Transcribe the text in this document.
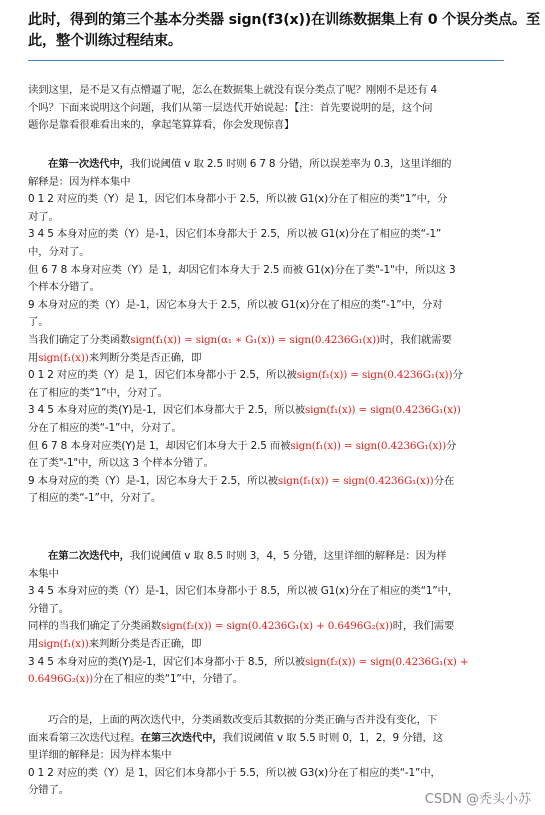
此时，得到的第三个基本分类器 sign(f3(x))在训练数据集上有 0 个误分类点。至
此，整个训练过程结束。
读到这里，是不是又有点懵逼了呢，怎么在数据集上就没有误分类点了呢？刚刚不是还有 4
个吗？下面来说明这个问题，我们从第一层迭代开始说起：【注：首先要说明的是，这个问
题你是靠看很难看出来的，拿起笔算算看，你会发现惊喜】
在第一次迭代中，我们说阈值 v 取 2.5 时则 6 7 8 分错，所以误差率为 0.3，这里详细的
解释是：因为样本集中
0 1 2 对应的类（Y）是 1，因它们本身都小于 2.5，所以被 G1(x)分在了相应的类“1”中，分
对了。
3 4 5 本身对应的类（Y）是-1，因它们本身都大于 2.5，所以被 G1(x)分在了相应的类“-1”
中，分对了。
但 6 7 8 本身对应类（Y）是 1，却因它们本身大于 2.5 而被 G1(x)分在了类"-1"中，所以这 3
个样本分错了。
9 本身对应的类（Y）是-1，因它本身大于 2.5，所以被 G1(x)分在了相应的类“-1”中，分对
了。
当我们确定了分类函数sign(f₁(x)) = sign(α₁ ∗ G₁(x)) = sign(0.4236G₁(x))时，我们就需要
用sign(f₁(x))来判断分类是否正确，即
0 1 2 对应的类（Y）是 1，因它们本身都小于 2.5，所以被sign(f₁(x)) = sign(0.4236G₁(x))分
在了相应的类“1”中，分对了。
3 4 5 本身对应的类(Y)是-1，因它们本身都大于 2.5，所以被sign(f₁(x)) = sign(0.4236G₁(x))
分在了相应的类“-1”中，分对了。
但 6 7 8 本身对应类(Y)是 1，却因它们本身大于 2.5 而被sign(f₁(x)) = sign(0.4236G₁(x))分
在了类"-1"中，所以这 3 个样本分错了。
9 本身对应的类（Y）是-1，因它本身大于 2.5，所以被sign(f₁(x)) = sign(0.4236G₁(x))分在
了相应的类“-1”中，分对了。
在第二次迭代中，我们说阈值 v 取 8.5 时则 3，4，5 分错，这里详细的解释是：因为样
本集中
3 4 5 本身对应的类（Y）是-1，因它们本身都小于 8.5，所以被 G1(x)分在了相应的类“1”中，
分错了。
同样的当我们确定了分类函数sign(f₂(x)) = sign(0.4236G₁(x) + 0.6496G₂(x))时，我们需要
用sign(f₁(x))来判断分类是否正确，即
3 4 5 本身对应的类(Y)是-1，因它们本身都小于 8.5，所以被sign(f₂(x)) = sign(0.4236G₁(x) +
0.6496G₂(x))分在了相应的类“1”中，分错了。
巧合的是，上面的两次迭代中，分类函数改变后其数据的分类正确与否并没有变化，下
面来看第三次迭代过程。在第三次迭代中，我们说阈值 v 取 5.5 时则 0，1，2，9 分错，这
里详细的解释是：因为样本集中
0 1 2 对应的类（Y）是 1，因它们本身都小于 5.5，所以被 G3(x)分在了相应的类“-1”中，
分错了。
CSDN @秃头小苏
